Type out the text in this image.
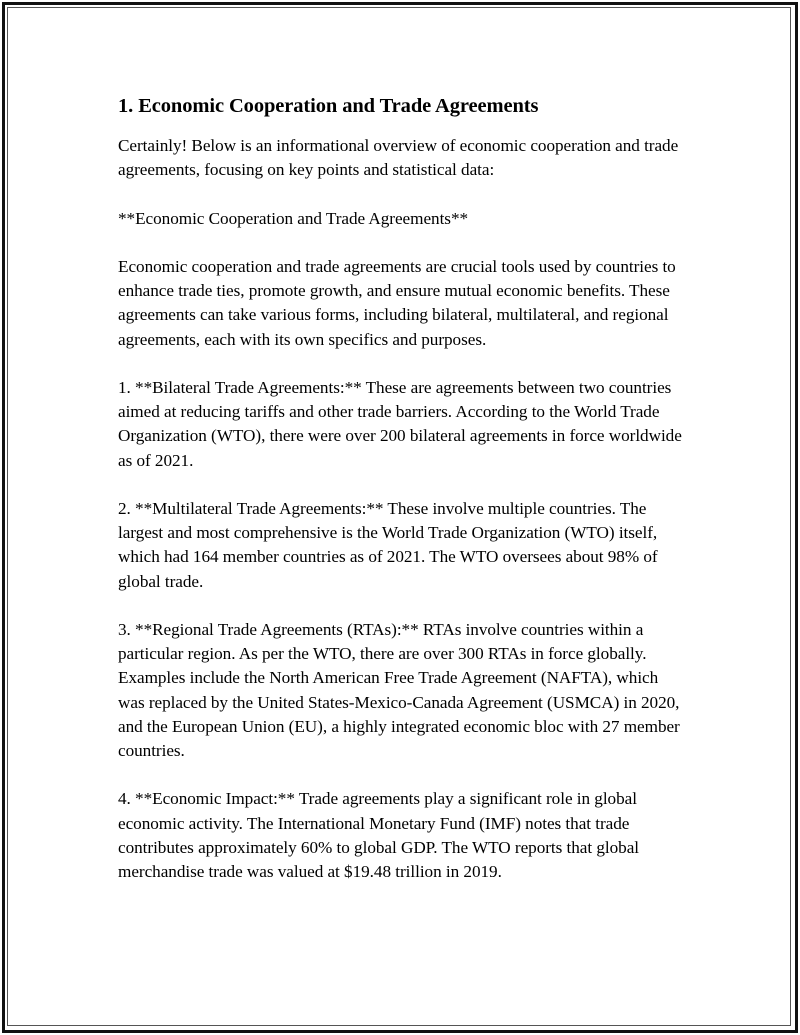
1. Economic Cooperation and Trade Agreements

Certainly! Below is an informational overview of economic cooperation and trade agreements, focusing on key points and statistical data:

**Economic Cooperation and Trade Agreements**

Economic cooperation and trade agreements are crucial tools used by countries to enhance trade ties, promote growth, and ensure mutual economic benefits. These agreements can take various forms, including bilateral, multilateral, and regional agreements, each with its own specifics and purposes.

1. **Bilateral Trade Agreements:** These are agreements between two countries aimed at reducing tariffs and other trade barriers. According to the World Trade Organization (WTO), there were over 200 bilateral agreements in force worldwide as of 2021.

2. **Multilateral Trade Agreements:** These involve multiple countries. The largest and most comprehensive is the World Trade Organization (WTO) itself, which had 164 member countries as of 2021. The WTO oversees about 98% of global trade.

3. **Regional Trade Agreements (RTAs):** RTAs involve countries within a particular region. As per the WTO, there are over 300 RTAs in force globally. Examples include the North American Free Trade Agreement (NAFTA), which was replaced by the United States-Mexico-Canada Agreement (USMCA) in 2020, and the European Union (EU), a highly integrated economic bloc with 27 member countries.

4. **Economic Impact:** Trade agreements play a significant role in global economic activity. The International Monetary Fund (IMF) notes that trade contributes approximately 60% to global GDP. The WTO reports that global merchandise trade was valued at $19.48 trillion in 2019.
